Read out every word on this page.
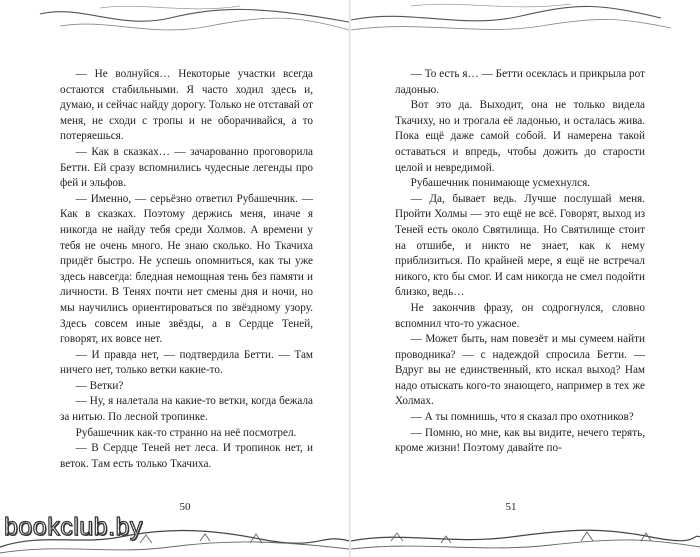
— Не волнуйся… Некоторые участки всегда остаются стабильными. Я часто ходил здесь и, думаю, и сейчас найду дорогу. Только не отставай от меня, не сходи с тропы и не оборачивайся, а то потеряешься.

— Как в сказках… — зачарованно проговорила Бетти. Ей сразу вспомнились чудесные легенды про фей и эльфов.

— Именно, — серьёзно ответил Рубашечник. — Как в сказках. Поэтому держись меня, иначе я никогда не найду тебя среди Холмов. А времени у тебя не очень много. Не знаю сколько. Но Ткачиха придёт быстро. Не успешь опомниться, как ты уже здесь навсегда: бледная немощная тень без памяти и личности. В Тенях почти нет смены дня и ночи, но мы научились ориентироваться по звёздному узору. Здесь совсем иные звёзды, а в Сердце Теней, говорят, их вовсе нет.

— И правда нет, — подтвердила Бетти. — Там ничего нет, только ветки какие-то.

— Ветки?

— Ну, я налетала на какие-то ветки, когда бежала за нитью. По лесной тропинке.

Рубашечник как-то странно на неё посмотрел.

— В Сердце Теней нет леса. И тропинок нет, и веток. Там есть только Ткачиха.

50
bookclub.by

— То есть я… — Бетти осеклась и прикрыла рот ладонью.

Вот это да. Выходит, она не только видела Ткачиху, но и трогала её ладонью, и осталась жива. Пока ещё даже самой собой. И намерена такой оставаться и впредь, чтобы дожить до старости целой и невредимой.

Рубашечник понимающе усмехнулся.

— Да, бывает ведь. Лучше послушай меня. Пройти Холмы — это ещё не всё. Говорят, выход из Теней есть около Святилища. Но Святилище стоит на отшибе, и никто не знает, как к нему приблизиться. По крайней мере, я ещё не встречал никого, кто бы смог. И сам никогда не смел подойти близко, ведь…

Не закончив фразу, он содрогнулся, словно вспомнил что-то ужасное.

— Может быть, нам повезёт и мы сумеем найти проводника? — с надеждой спросила Бетти. — Вдруг вы не единственный, кто искал выход? Нам надо отыскать кого-то знающего, например в тех же Холмах.

— А ты помнишь, что я сказал про охотников?

— Помню, но мне, как вы видите, нечего терять, кроме жизни! Поэтому давайте по-

51
